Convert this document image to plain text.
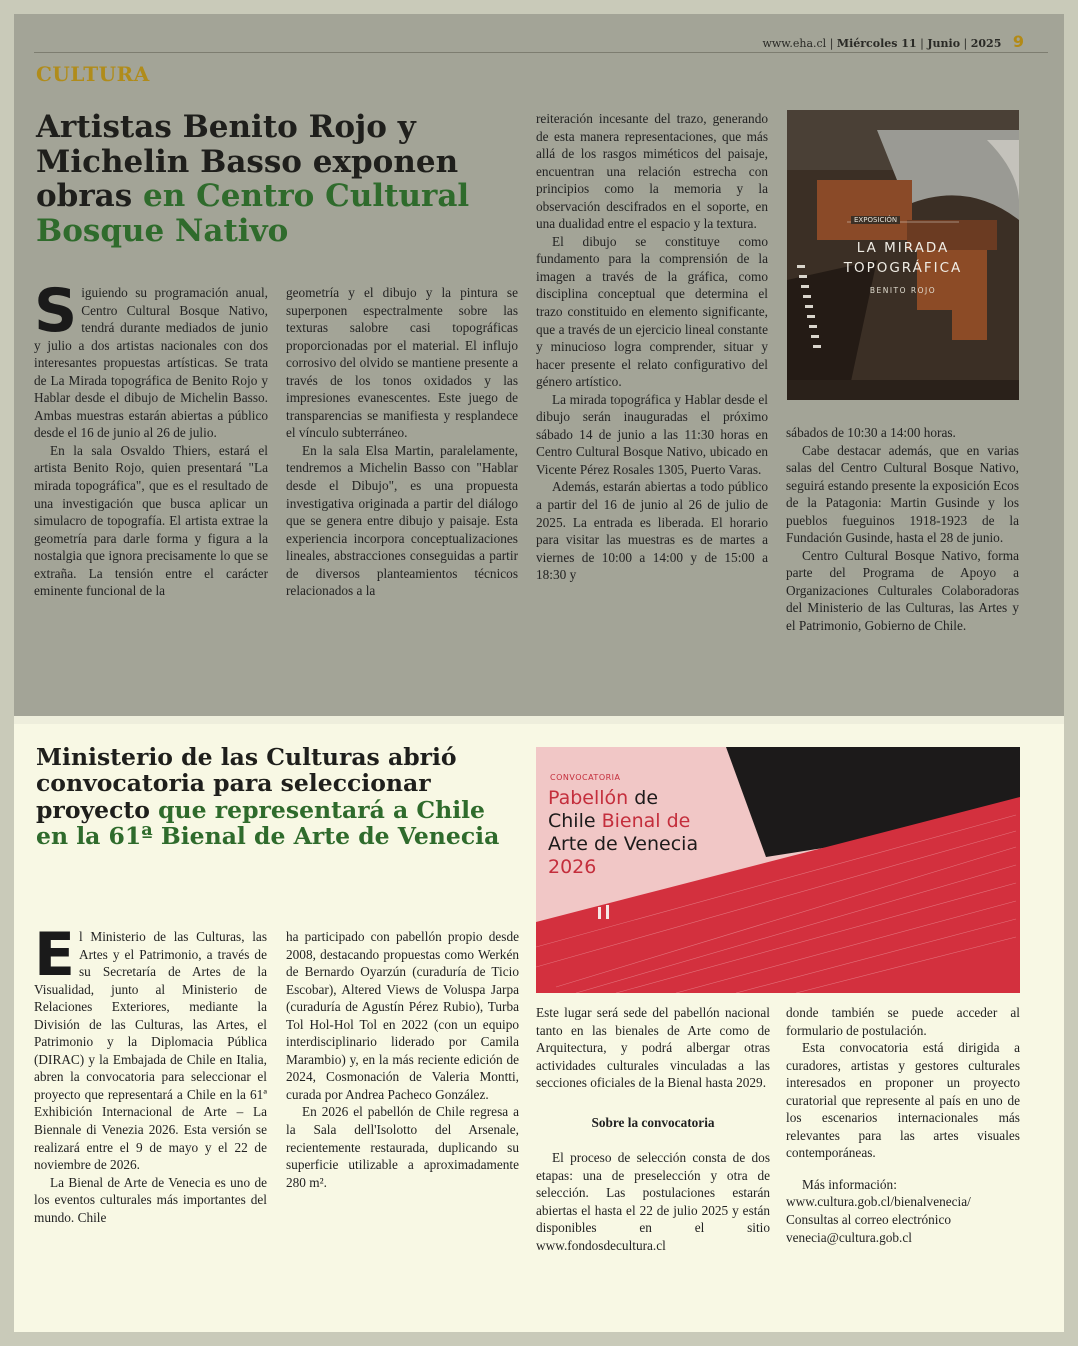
www.eha.cl | Miércoles 11 | Junio | 2025 9
CULTURA
Artistas Benito Rojo y Michelin Basso exponen obras en Centro Cultural Bosque Nativo

Siguiendo su programación anual, Centro Cultural Bosque Nativo, tendrá durante mediados de junio y julio a dos artistas nacionales con dos interesantes propuestas artísticas. Se trata de La Mirada topográfica de Benito Rojo y Hablar desde el dibujo de Michelin Basso. Ambas muestras estarán abiertas a público desde el 16 de junio al 26 de julio.

En la sala Osvaldo Thiers, estará el artista Benito Rojo, quien presentará "La mirada topográfica", que es el resultado de una investigación que busca aplicar un simulacro de topografía. El artista extrae la geometría para darle forma y figura a la nostalgia que ignora precisamente lo que se extraña. La tensión entre el carácter eminente funcional de la

geometría y el dibujo y la pintura se superponen espectralmente sobre las texturas salobre casi topográficas proporcionadas por el material. El influjo corrosivo del olvido se mantiene presente a través de los tonos oxidados y las impresiones evanescentes. Este juego de transparencias se manifiesta y resplandece el vínculo subterráneo.

En la sala Elsa Martin, paralelamente, tendremos a Michelin Basso con "Hablar desde el Dibujo", es una propuesta investigativa originada a partir del diálogo que se genera entre dibujo y paisaje. Esta experiencia incorpora conceptualizaciones lineales, abstracciones conseguidas a partir de diversos planteamientos técnicos relacionados a la

reiteración incesante del trazo, generando de esta manera representaciones, que más allá de los rasgos miméticos del paisaje, encuentran una relación estrecha con principios como la memoria y la observación descifrados en el soporte, en una dualidad entre el espacio y la textura.

El dibujo se constituye como fundamento para la comprensión de la imagen a través de la gráfica, como disciplina conceptual que determina el trazo constituido en elemento significante, que a través de un ejercicio lineal constante y minucioso logra comprender, situar y hacer presente el relato configurativo del género artístico.

La mirada topográfica y Hablar desde el dibujo serán inauguradas el próximo sábado 14 de junio a las 11:30 horas en Centro Cultural Bosque Nativo, ubicado en Vicente Pérez Rosales 1305, Puerto Varas.

Además, estarán abiertas a todo público a partir del 16 de junio al 26 de julio de 2025. La entrada es liberada. El horario para visitar las muestras es de martes a viernes de 10:00 a 14:00 y de 15:00 a 18:30 y

EXPOSICIÓN
LA MIRADA
TOPOGRÁFICA
BENITO ROJO

sábados de 10:30 a 14:00 horas.

Cabe destacar además, que en varias salas del Centro Cultural Bosque Nativo, seguirá estando presente la exposición Ecos de la Patagonia: Martin Gusinde y los pueblos fueguinos 1918-1923 de la Fundación Gusinde, hasta el 28 de junio.

Centro Cultural Bosque Nativo, forma parte del Programa de Apoyo a Organizaciones Culturales Colaboradoras del Ministerio de las Culturas, las Artes y el Patrimonio, Gobierno de Chile.

Ministerio de las Culturas abrió convocatoria para seleccionar proyecto que representará a Chile en la 61ª Bienal de Arte de Venecia
CONVOCATORIA
Pabellón de
Chile Bienal de
Arte de Venecia
2026

El Ministerio de las Culturas, las Artes y el Patrimonio, a través de su Secretaría de Artes de la Visualidad, junto al Ministerio de Relaciones Exteriores, mediante la División de las Culturas, las Artes, el Patrimonio y la Diplomacia Pública (DIRAC) y la Embajada de Chile en Italia, abren la convocatoria para seleccionar el proyecto que representará a Chile en la 61ª Exhibición Internacional de Arte – La Biennale di Venezia 2026. Esta versión se realizará entre el 9 de mayo y el 22 de noviembre de 2026.

La Bienal de Arte de Venecia es uno de los eventos culturales más importantes del mundo. Chile

ha participado con pabellón propio desde 2008, destacando propuestas como Werkén de Bernardo Oyarzún (curaduría de Ticio Escobar), Altered Views de Voluspa Jarpa (curaduría de Agustín Pérez Rubio), Turba Tol Hol-Hol Tol en 2022 (con un equipo interdisciplinario liderado por Camila Marambio) y, en la más reciente edición de 2024, Cosmonación de Valeria Montti, curada por Andrea Pacheco González.

En 2026 el pabellón de Chile regresa a la Sala dell'Isolotto del Arsenale, recientemente restaurada, duplicando su superficie utilizable a aproximadamente 280 m².

Este lugar será sede del pabellón nacional tanto en las bienales de Arte como de Arquitectura, y podrá albergar otras actividades culturales vinculadas a las secciones oficiales de la Bienal hasta 2029.

Sobre la convocatoria

El proceso de selección consta de dos etapas: una de preselección y otra de selección. Las postulaciones estarán abiertas el hasta el 22 de julio 2025 y están disponibles en el sitio www.fondosdecultura.cl

donde también se puede acceder al formulario de postulación.

Esta convocatoria está dirigida a curadores, artistas y gestores culturales interesados en proponer un proyecto curatorial que represente al país en uno de los escenarios internacionales más relevantes para las artes visuales contemporáneas.

Más información:

www.cultura.gob.cl/bienalvenecia/

Consultas al correo electrónico

venecia@cultura.gob.cl
